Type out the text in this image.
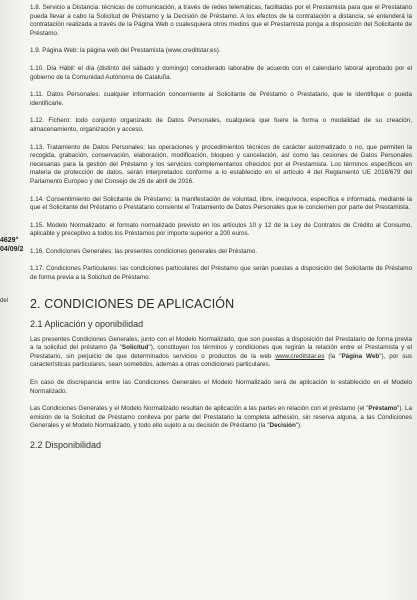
4629°
04/09/2
del

1.8. Servicio a Distancia: técnicas de comunicación, a través de redes telemáticas, facilitadas por el Prestamista para que el Prestatario pueda llevar a cabo la Solicitud de Préstamo y la Decisión de Préstamo. A los efectos de la contratación a distancia, se entenderá la contratación realizada a través de la Página Web o cualesquiera otros medios que el Prestamista ponga a disposición del Solicitante de Préstamo.

1.9. Página Web: la página web del Prestamista (www.creditstar.es).

1.10. Día Hábil: el día (distinto del sábado y domingo) considerado laborable de acuerdo con el calendario laboral aprobado por el gobierno de la Comunidad Autónoma de Cataluña.

1.11. Datos Personales: cualquier información concerniente al Solicitante de Préstamo o Prestatario, que le identifique o pueda identificarle.

1.12. Fichero: todo conjunto organizado de Datos Personales, cualquiera que fuere la forma o modalidad de su creación, almacenamiento, organización y acceso.

1.13. Tratamiento de Datos Personales: las operaciones y procedimientos técnicos de carácter automatizado o no, que permiten la recogida, grabación, conservación, elaboración, modificación, bloqueo y cancelación, así como las cesiones de Datos Personales necesarias para la gestión del Préstamo y los servicios complementarios ofrecidos por el Prestamista. Los términos específicos en materia de protección de datos, serán interpretados conforme a lo establecido en el artículo 4 del Reglamento UE 2016/679 del Parlamento Europeo y del Consejo de 26 de abril de 2016.

1.14. Consentimiento del Solicitante de Préstamo: la manifestación de voluntad, libre, inequívoca, específica e informada, mediante la que el Solicitante del Préstamo o Prestatario consiente el Tratamiento de Datos Personales que le conciernen por parte del Prestamista.

1.15. Modelo Normalizado: el formato normalizado previsto en los artículos 10 y 12 de la Ley de Contratos de Crédito al Consumo, aplicable y preceptivo a todos los Préstamos por importe superior a 200 euros.

1.16. Condiciones Generales: las presentes condiciones generales del Préstamo.

1.17. Condiciones Particulares: las condiciones particulares del Préstamo que serán puestas a disposición del Solicitante de Préstamo de forma previa a la Solicitud de Préstamo.

2. CONDICIONES DE APLICACIÓN
2.1 Aplicación y oponibilidad

Las presentes Condiciones Generales, junto con el Modelo Normalizado, que son puestas a disposición del Prestatario de forma previa a la solicitud del préstamo (la "Solicitud"), constituyen los términos y condiciones que regirán la relación entre el Prestamista y el Prestatario, sin perjuicio de que determinados servicios o productos de la web www.creditstar.es (la "Página Web"), por sus características particulares, sean sometidos, además a otras condiciones particulares.

En caso de discrepancia entre las Condiciones Generales el Modelo Normalizado será de aplicación lo establecido en el Modelo Normalizado.

Las Condiciones Generales y el Modelo Normalizado resultan de aplicación a las partes en relación con el préstamo (el "Préstamo"). La emisión de la Solicitud de Préstamo conlleva por parte del Prestatario la completa adhesión, sin reserva alguna, a las Condiciones Generales y el Modelo Normalizado, y todo ello sujeto a su decisión de Préstamo (la "Decisión").

2.2 Disponibilidad
